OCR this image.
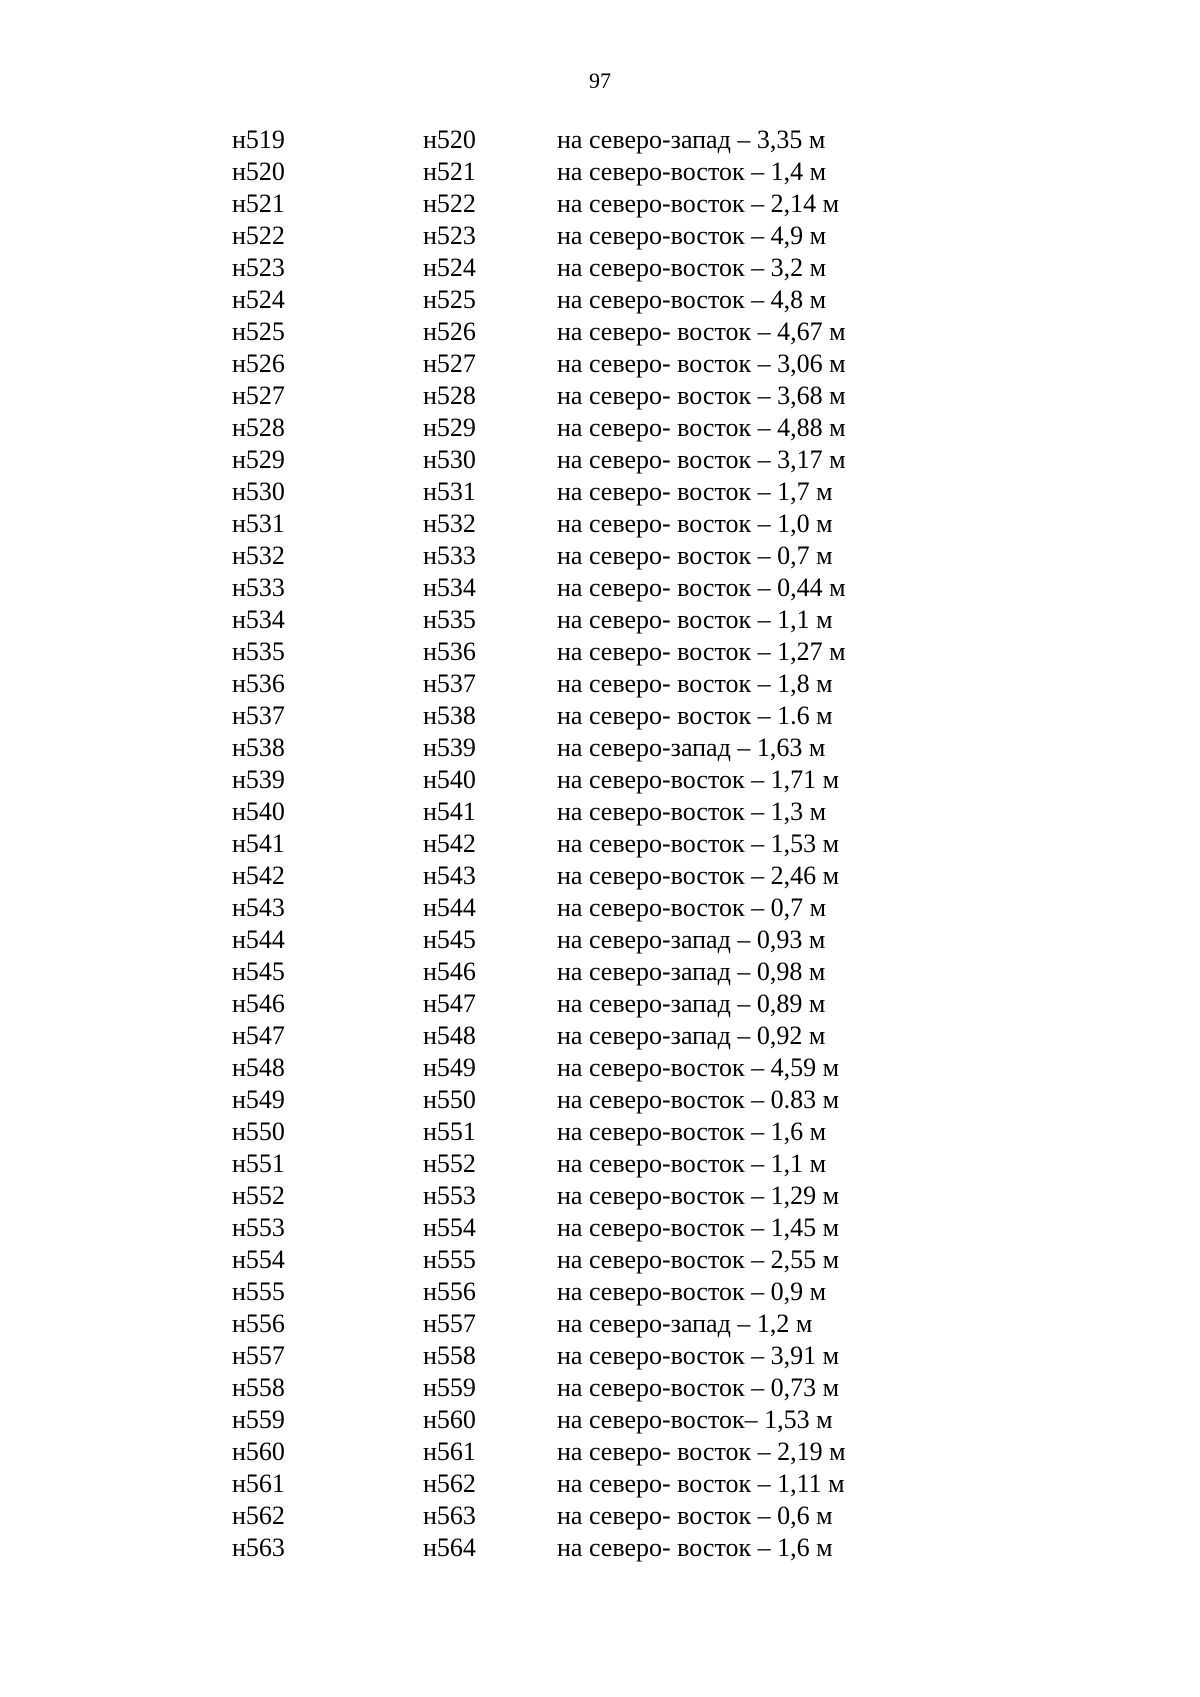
97
н519	н520	на северо-запад – 3,35 м
н520	н521	на северо-восток – 1,4 м
н521	н522	на северо-восток – 2,14 м
н522	н523	на северо-восток – 4,9 м
н523	н524	на северо-восток – 3,2 м
н524	н525	на северо-восток – 4,8 м
н525	н526	на северо- восток – 4,67 м
н526	н527	на северо- восток – 3,06 м
н527	н528	на северо- восток – 3,68 м
н528	н529	на северо- восток – 4,88 м
н529	н530	на северо- восток – 3,17 м
н530	н531	на северо- восток – 1,7 м
н531	н532	на северо- восток – 1,0 м
н532	н533	на северо- восток – 0,7 м
н533	н534	на северо- восток – 0,44 м
н534	н535	на северо- восток – 1,1 м
н535	н536	на северо- восток – 1,27 м
н536	н537	на северо- восток – 1,8 м
н537	н538	на северо- восток – 1.6 м
н538	н539	на северо-запад – 1,63 м
н539	н540	на северо-восток – 1,71 м
н540	н541	на северо-восток – 1,3 м
н541	н542	на северо-восток – 1,53 м
н542	н543	на северо-восток – 2,46 м
н543	н544	на северо-восток – 0,7 м
н544	н545	на северо-запад – 0,93 м
н545	н546	на северо-запад – 0,98 м
н546	н547	на северо-запад – 0,89 м
н547	н548	на северо-запад – 0,92 м
н548	н549	на северо-восток – 4,59 м
н549	н550	на северо-восток – 0.83 м
н550	н551	на северо-восток – 1,6 м
н551	н552	на северо-восток – 1,1 м
н552	н553	на северо-восток – 1,29 м
н553	н554	на северо-восток – 1,45 м
н554	н555	на северо-восток – 2,55 м
н555	н556	на северо-восток – 0,9 м
н556	н557	на северо-запад – 1,2 м
н557	н558	на северо-восток – 3,91 м
н558	н559	на северо-восток – 0,73 м
н559	н560	на северо-восток– 1,53 м
н560	н561	на северо- восток – 2,19 м
н561	н562	на северо- восток – 1,11 м
н562	н563	на северо- восток – 0,6 м
н563	н564	на северо- восток – 1,6 м
